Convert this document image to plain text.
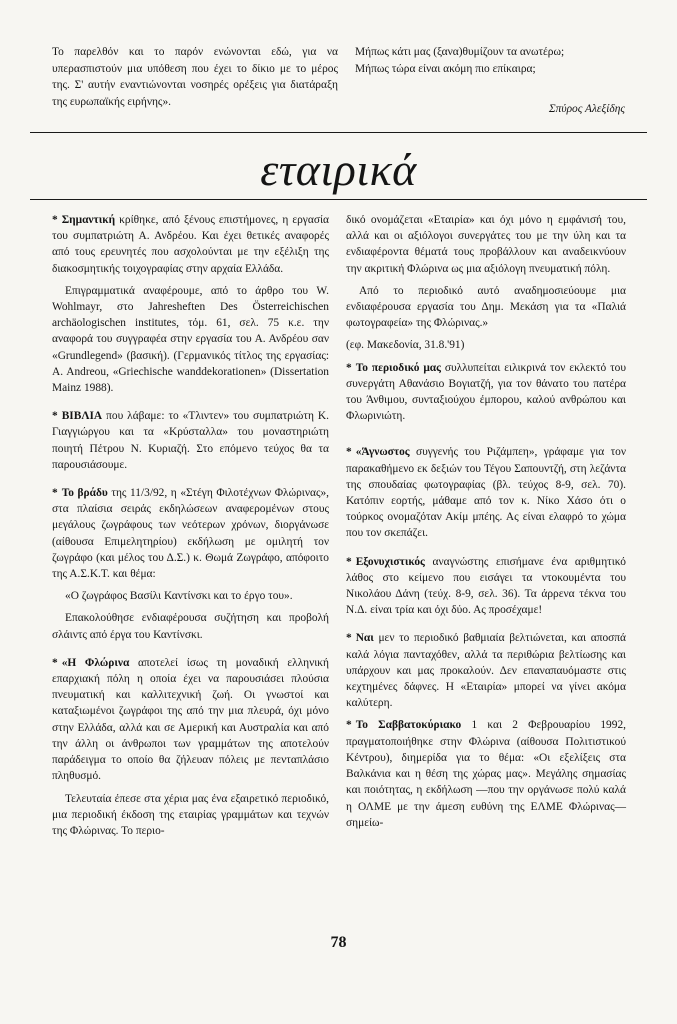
Το παρελθόν και το παρόν ενώνονται εδώ, για να υπερασπιστούν μια υπόθεση που έχει το δίκιο με το μέρος της. Σ' αυτήν εναντιώνονται νοσηρές ορέξεις για διατάραξη της ευρωπαϊκής ειρήνης».
Μήπως κάτι μας (ξανα)θυμίζουν τα ανωτέρω;
Μήπως τώρα είναι ακόμη πιο επίκαιρα;
Σπύρος Αλεξίδης
εταιρικά

* Σημαντική κρίθηκε, από ξένους επιστήμονες, η εργασία του συμπατριώτη Α. Ανδρέου. Και έχει θετικές αναφορές από τους ερευνητές που ασχολούνται με την εξέλιξη της διακοσμητικής τοιχογραφίας στην αρχαία Ελλάδα.

Επιγραμματικά αναφέρουμε, από το άρθρο του W. Wohlmayr, στο Jahresheften Des Österreichischen archäologischen institutes, τόμ. 61, σελ. 75 κ.ε. την αναφορά του συγγραφέα στην εργασία του Α. Ανδρέου σαν «Grundlegend» (βασική). (Γερμανικός τίτλος της εργασίας: A. Andreou, «Griechische wanddekorationen» (Dissertation Mainz 1988).

* ΒΙΒΛΙΑ που λάβαμε: το «Τλιντεν» του συμπατριώτη Κ. Γιαγγιώργου και τα «Κρύσταλλα» του μοναστηριώτη ποιητή Πέτρου Ν. Κυριαζή. Στο επόμενο τεύχος θα τα παρουσιάσουμε.

* Το βράδυ της 11/3/92, η «Στέγη Φιλοτέχνων Φλώρινας», στα πλαίσια σειράς εκδηλώσεων αναφερομένων στους μεγάλους ζωγράφους των νεότερων χρόνων, διοργάνωσε (αίθουσα Επιμελητηρίου) εκδήλωση με ομιλητή τον ζωγράφο (και μέλος του Δ.Σ.) κ. Θωμά Ζωγράφο, απόφοιτο της Α.Σ.Κ.Τ. και θέμα:

«Ο ζωγράφος Βασίλι Καντίνσκι και το έργο του».

Επακολούθησε ενδιαφέρουσα συζήτηση και προβολή σλάιντς από έργα του Καντίνσκι.

* «Η Φλώρινα αποτελεί ίσως τη μοναδική ελληνική επαρχιακή πόλη η οποία έχει να παρουσιάσει πλούσια πνευματική και καλλιτεχνική ζωή. Οι γνωστοί και καταξιωμένοι ζωγράφοι της από την μια πλευρά, όχι μόνο στην Ελλάδα, αλλά και σε Αμερική και Αυστραλία και από την άλλη οι άνθρωποι των γραμμάτων της αποτελούν παράδειγμα το οποίο θα ζήλευαν πόλεις με πενταπλάσιο πληθυσμό.

Τελευταία έπεσε στα χέρια μας ένα εξαιρετικό περιοδικό, μια περιοδική έκδοση της εταιρίας γραμμάτων και τεχνών της Φλώρινας. Το περιο-

δικό ονομάζεται «Εταιρία» και όχι μόνο η εμφάνισή του, αλλά και οι αξιόλογοι συνεργάτες του με την ύλη και τα ενδιαφέροντα θέματά τους προβάλλουν και αναδεικνύουν την ακριτική Φλώρινα ως μια αξιόλογη πνευματική πόλη.

Από το περιοδικό αυτό αναδημοσιεύουμε μια ενδιαφέρουσα εργασία του Δημ. Μεκάση για τα «Παλιά φωτογραφεία» της Φλώρινας.»

(εφ. Μακεδονία, 31.8.'91)

* Το περιοδικό μας συλλυπείται ειλικρινά τον εκλεκτό του συνεργάτη Αθανάσιο Βογιατζή, για τον θάνατο του πατέρα του Άνθιμου, συνταξιούχου έμπορου, καλού ανθρώπου και Φλωρινιώτη.

* «Άγνωστος συγγενής του Ριζάμπεη», γράφαμε για τον παρακαθήμενο εκ δεξιών του Τέγου Σαπουντζή, στη λεζάντα της σπουδαίας φωτογραφίας (βλ. τεύχος 8-9, σελ. 70). Κατόπιν εορτής, μάθαμε από τον κ. Νίκο Χάσο ότι ο τούρκος ονομαζόταν Ακίμ μπέης. Ας είναι ελαφρό το χώμα που τον σκεπάζει.

* Εξονυχιστικός αναγνώστης επισήμανε ένα αριθμητικό λάθος στο κείμενο που εισάγει τα ντοκουμέντα του Νικολάου Δάνη (τεύχ. 8-9, σελ. 36). Τα άρρενα τέκνα του Ν.Δ. είναι τρία και όχι δύο. Ας προσέχαμε!

* Ναι μεν το περιοδικό βαθμιαία βελτιώνεται, και αποσπά καλά λόγια πανταχόθεν, αλλά τα περιθώρια βελτίωσης και υπάρχουν και μας προκαλούν. Δεν επαναπαυόμαστε στις κεχτημένες δάφνες. Η «Εταιρία» μπορεί να γίνει ακόμα καλύτερη.

* Το Σαββατοκύριακο 1 και 2 Φεβρουαρίου 1992, πραγματοποιήθηκε στην Φλώρινα (αίθουσα Πολιτιστικού Κέντρου), διημερίδα για το θέμα: «Οι εξελίξεις στα Βαλκάνια και η θέση της χώρας μας». Μεγάλης σημασίας και ποιότητας, η εκδήλωση —που την οργάνωσε πολύ καλά η ΟΛΜΕ με την άμεση ευθύνη της ΕΛΜΕ Φλώρινας— σημείω-

78
